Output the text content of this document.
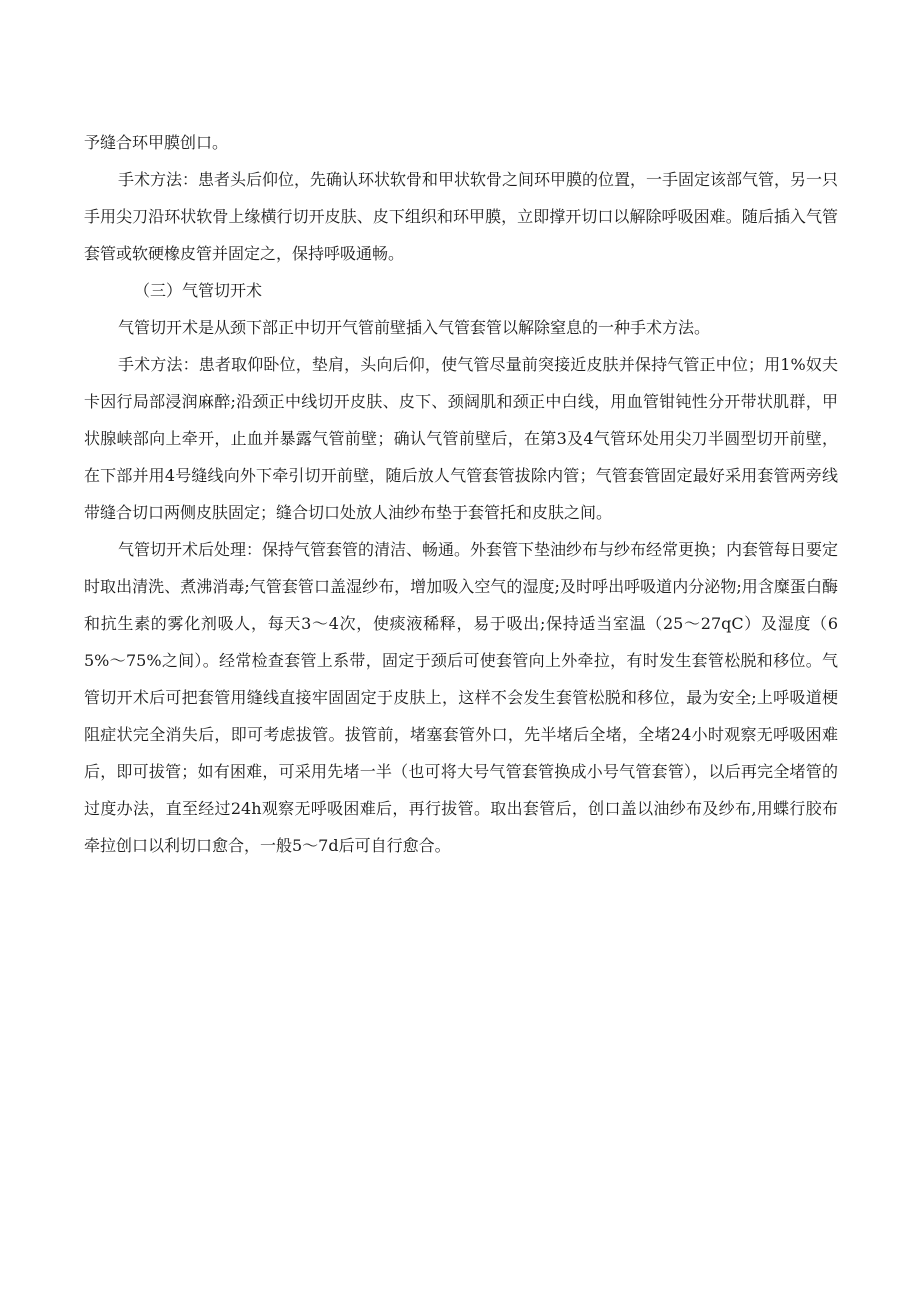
予缝合环甲膜创口。

手术方法：患者头后仰位，先确认环状软骨和甲状软骨之间环甲膜的位置，一手固定该部气管，另一只手用尖刀沿环状软骨上缘横行切开皮肤、皮下组织和环甲膜，立即撑开切口以解除呼吸困难。随后插入气管套管或软硬橡皮管并固定之，保持呼吸通畅。

（三）气管切开术

气管切开术是从颈下部正中切开气管前壁插入气管套管以解除窒息的一种手术方法。

手术方法：患者取仰卧位，垫肩，头向后仰，使气管尽量前突接近皮肤并保持气管正中位；用1%奴夫卡因行局部浸润麻醉;沿颈正中线切开皮肤、皮下、颈阔肌和颈正中白线，用血管钳钝性分开带状肌群，甲状腺峡部向上牵开，止血并暴露气管前壁；确认气管前壁后，在第3及4气管环处用尖刀半圆型切开前壁，在下部并用4号缝线向外下牵引切开前壁，随后放人气管套管拔除内管；气管套管固定最好采用套管两旁线带缝合切口两侧皮肤固定；缝合切口处放人油纱布垫于套管托和皮肤之间。

气管切开术后处理：保持气管套管的清洁、畅通。外套管下垫油纱布与纱布经常更换；内套管每日要定时取出清洗、煮沸消毒;气管套管口盖湿纱布，增加吸入空气的湿度;及时呼出呼吸道内分泌物;用含糜蛋白酶和抗生素的雾化剂吸人，每天3〜4次，使痰液稀释，易于吸出;保持适当室温（25〜27qC）及湿度（65%〜75%之间）。经常检查套管上系带，固定于颈后可使套管向上外牵拉，有时发生套管松脱和移位。气管切开术后可把套管用缝线直接牢固固定于皮肤上，这样不会发生套管松脱和移位，最为安全;上呼吸道梗阻症状完全消失后，即可考虑拔管。拔管前，堵塞套管外口，先半堵后全堵，全堵24小时观察无呼吸困难后，即可拔管；如有困难，可采用先堵一半（也可将大号气管套管换成小号气管套管），以后再完全堵管的过度办法，直至经过24h观察无呼吸困难后，再行拔管。取出套管后，创口盖以油纱布及纱布,用蝶行胶布牵拉创口以利切口愈合，一般5〜7d后可自行愈合。
